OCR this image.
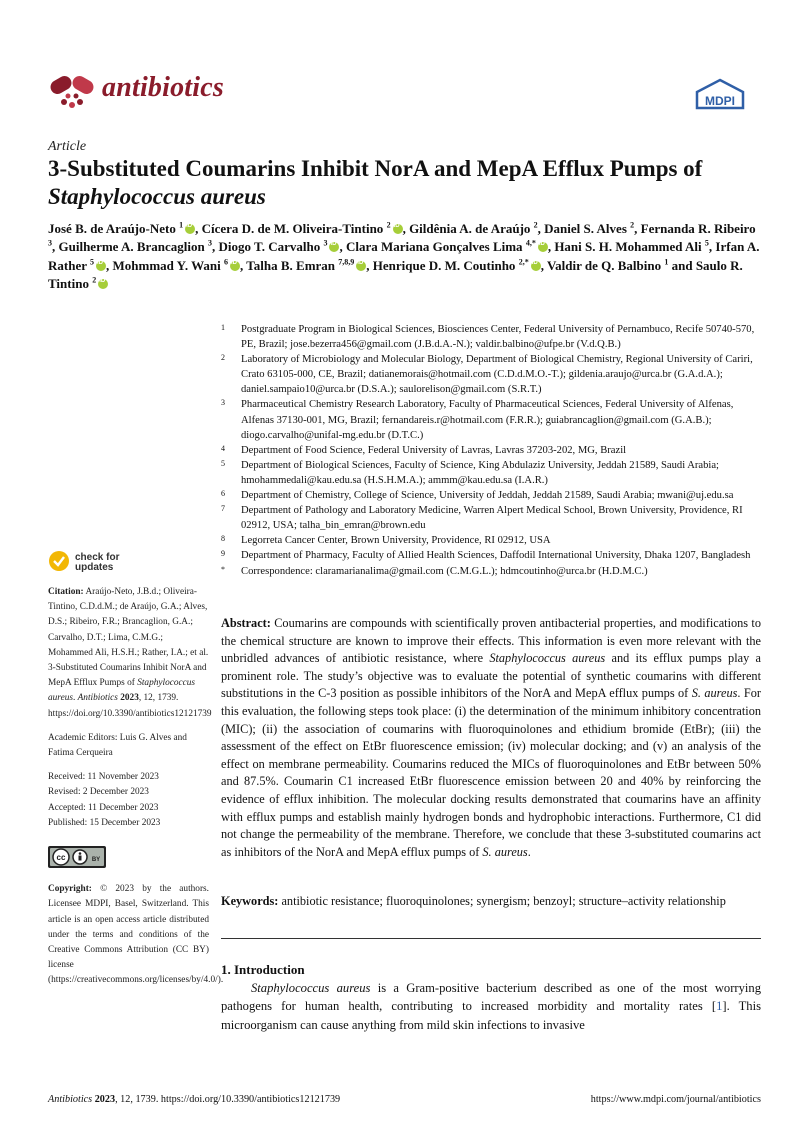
antibiotics	MDPI
Article
3-Substituted Coumarins Inhibit NorA and MepA Efflux Pumps of Staphylococcus aureus
José B. de Araújo-Neto $^1$ iD , Cícera D. de M. Oliveira-Tintino $^2$ iD , Gildênia A. de Araújo $^2$, Daniel S. Alves $^2$, Fernanda R. Ribeiro $^3$, Guilherme A. Brancaglion $^3$, Diogo T. Carvalho $^3$ iD , Clara Mariana Gonçalves Lima $^{4,*}$ iD , Hani S. H. Mohammed Ali $^5$, Irfan A. Rather $^5$ iD , Mohmmad Y. Wani $^6$ iD , Talha B. Emran $^{7,8,9}$ iD , Henrique D. M. Coutinho $^{2,*}$ iD , Valdir de Q. Balbino $^1$ and Saulo R. Tintino $^2$iD
1 Postgraduate Program in Biological Sciences, Biosciences Center, Federal University of Pernambuco, Recife 50740-570, PE, Brazil; jose.bezerra456@gmail.com (J.B.d.A.-N.); valdir.balbino@ufpe.br (V.d.Q.B.)
2 Laboratory of Microbiology and Molecular Biology, Department of Biological Chemistry, Regional University of Cariri, Crato 63105-000, CE, Brazil; datianemorais@hotmail.com (C.D.d.M.O.-T.); gildenia.araujo@urca.br (G.A.d.A.); daniel.sampaio10@urca.br (D.S.A.); saulorelison@gmail.com (S.R.T.)
3 Pharmaceutical Chemistry Research Laboratory, Faculty of Pharmaceutical Sciences, Federal University of Alfenas, Alfenas 37130-001, MG, Brazil; fernandareis.r@hotmail.com (F.R.R.); guiabrancaglion@gmail.com (G.A.B.); diogo.carvalho@unifal-mg.edu.br (D.T.C.)
4 Department of Food Science, Federal University of Lavras, Lavras 37203-202, MG, Brazil
5 Department of Biological Sciences, Faculty of Science, King Abdulaziz University, Jeddah 21589, Saudi Arabia; hmohammedali@kau.edu.sa (H.S.H.M.A.); ammm@kau.edu.sa (I.A.R.)
6 Department of Chemistry, College of Science, University of Jeddah, Jeddah 21589, Saudi Arabia; mwani@uj.edu.sa
7 Department of Pathology and Laboratory Medicine, Warren Alpert Medical School, Brown University, Providence, RI 02912, USA; talha_bin_emran@brown.edu
8 Legorreta Cancer Center, Brown University, Providence, RI 02912, USA
9 Department of Pharmacy, Faculty of Allied Health Sciences, Daffodil International University, Dhaka 1207, Bangladesh
* Correspondence: claramarianalima@gmail.com (C.M.G.L.); hdmcoutinho@urca.br (H.D.M.C.)
check for
updates
Citation: Araújo-Neto, J.B.d.; Oliveira-Tintino, C.D.d.M.; de Araújo, G.A.; Alves, D.S.; Ribeiro, F.R.; Brancaglion, G.A.; Carvalho, D.T.; Lima, C.M.G.; Mohammed Ali, H.S.H.; Rather, I.A.; et al. 3-Substituted Coumarins Inhibit NorA and MepA Efflux Pumps of Staphylococcus aureus. Antibiotics 2023, 12, 1739. https://doi.org/10.3390/antibiotics12121739
Academic Editors: Luis G. Alves and Fatima Cerqueira
Received: 11 November 2023
Revised: 2 December 2023
Accepted: 11 December 2023
Published: 15 December 2023
cc	BY
Copyright: © 2023 by the authors. Licensee MDPI, Basel, Switzerland. This article is an open access article distributed under the terms and conditions of the Creative Commons Attribution (CC BY) license (https://creativecommons.org/licenses/by/4.0/).
Abstract: Coumarins are compounds with scientifically proven antibacterial properties, and modifications to the chemical structure are known to improve their effects. This information is even more relevant with the unbridled advances of antibiotic resistance, where Staphylococcus aureus and its efflux pumps play a prominent role. The study’s objective was to evaluate the potential of synthetic coumarins with different substitutions in the C-3 position as possible inhibitors of the NorA and MepA efflux pumps of S. aureus. For this evaluation, the following steps took place: (i) the determination of the minimum inhibitory concentration (MIC); (ii) the association of coumarins with fluoroquinolones and ethidium bromide (EtBr); (iii) the assessment of the effect on EtBr fluorescence emission; (iv) molecular docking; and (v) an analysis of the effect on membrane permeability. Coumarins reduced the MICs of fluoroquinolones and EtBr between 50% and 87.5%. Coumarin C1 increased EtBr fluorescence emission between 20 and 40% by reinforcing the evidence of efflux inhibition. The molecular docking results demonstrated that coumarins have an affinity with efflux pumps and establish mainly hydrogen bonds and hydrophobic interactions. Furthermore, C1 did not change the permeability of the membrane. Therefore, we conclude that these 3-substituted coumarins act as inhibitors of the NorA and MepA efflux pumps of S. aureus.
Keywords: antibiotic resistance; fluoroquinolones; synergism; benzoyl; structure–activity relationship
1. Introduction
Staphylococcus aureus is a Gram-positive bacterium described as one of the most worrying pathogens for human health, contributing to increased morbidity and mortality rates [1]. This microorganism can cause anything from mild skin infections to invasive
Antibiotics 2023, 12, 1739. https://doi.org/10.3390/antibiotics12121739	https://www.mdpi.com/journal/antibiotics
